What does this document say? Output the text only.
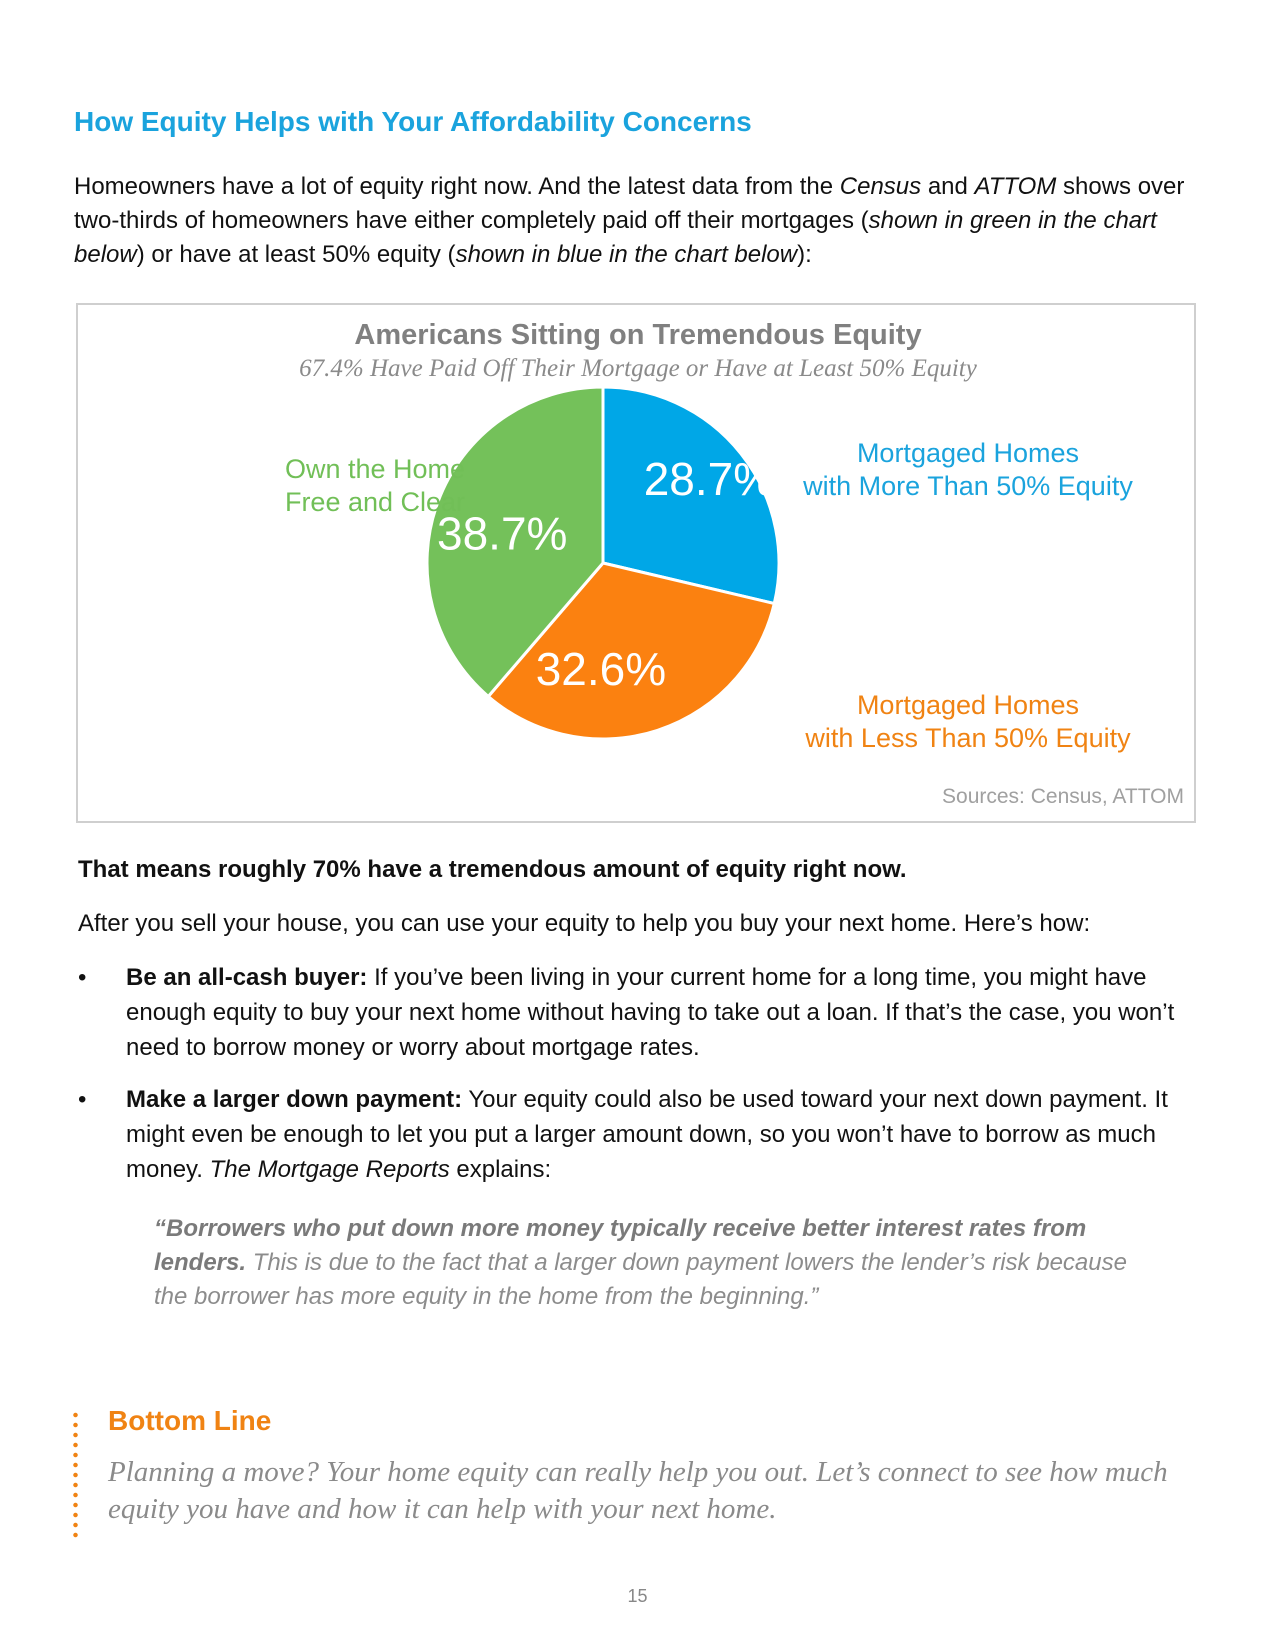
How Equity Helps with Your Affordability Concerns

Homeowners have a lot of equity right now. And the latest data from the Census and ATTOM shows over two-thirds of homeowners have either completely paid off their mortgages (shown in green in the chart below) or have at least 50% equity (shown in blue in the chart below):

28.7%
32.6%
38.7%
Americans Sitting on Tremendous Equity
67.4% Have Paid Off Their Mortgage or Have at Least 50% Equity
Own the Home
Free and Clear
Mortgaged Homes
with More Than 50% Equity
Mortgaged Homes
with Less Than 50% Equity
Sources: Census, ATTOM

That means roughly 70% have a tremendous amount of equity right now.

After you sell your house, you can use your equity to help you buy your next home. Here’s how:

• Be an all-cash buyer: If you’ve been living in your current home for a long time, you might have enough equity to buy your next home without having to take out a loan. If that’s the case, you won’t need to borrow money or worry about mortgage rates.
• Make a larger down payment: Your equity could also be used toward your next down payment. It might even be enough to let you put a larger amount down, so you won’t have to borrow as much money. The Mortgage Reports explains:

“Borrowers who put down more money typically receive better interest rates from lenders. This is due to the fact that a larger down payment lowers the lender’s risk because the borrower has more equity in the home from the beginning.”

Bottom Line

Planning a move? Your home equity can really help you out. Let’s connect to see how much equity you have and how it can help with your next home.

15
